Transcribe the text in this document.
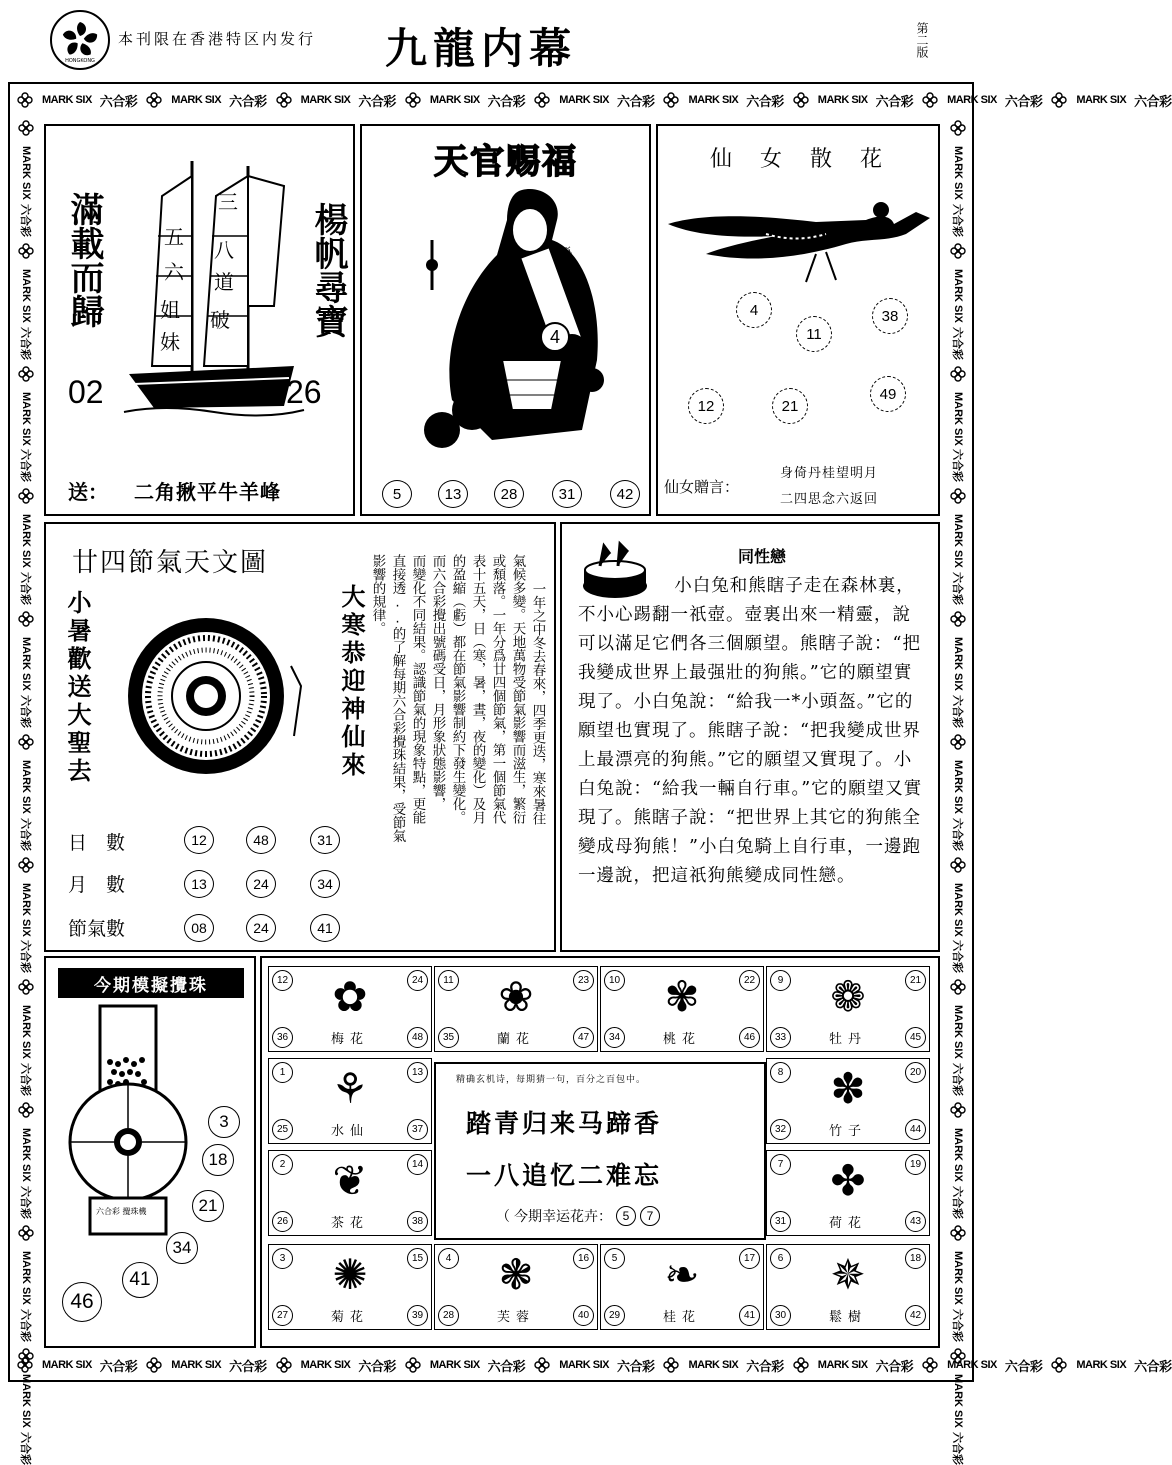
HONGKONG
本刊限在香港特区内发行 九龍内幕	第二版
MARK SIX 六合彩	MARK SIX 六合彩	MARK SIX 六合彩	MARK SIX 六合彩	MARK SIX 六合彩	MARK SIX 六合彩	MARK SIX 六合彩	MARK SIX 六合彩	MARK SIX 六合彩
MARK SIX 六合彩	MARK SIX 六合彩	MARK SIX 六合彩	MARK SIX 六合彩	MARK SIX 六合彩	MARK SIX 六合彩	MARK SIX 六合彩	MARK SIX 六合彩	MARK SIX 六合彩
MARK SIX
六合彩
MARK SIX
六合彩
MARK SIX
六合彩
MARK SIX
六合彩
MARK SIX
六合彩
MARK SIX
六合彩
MARK SIX
六合彩
MARK SIX
六合彩
MARK SIX
六合彩
MARK SIX
六合彩
MARK SIX
六合彩
MARK SIX
六合彩
MARK SIX
六合彩
MARK SIX
六合彩
MARK SIX
六合彩
MARK SIX
六合彩
MARK SIX
六合彩
MARK SIX
六合彩
MARK SIX
六合彩
MARK SIX
六合彩
MARK SIX
六合彩
MARK SIX
六合彩
滿載而歸	楊帆尋寶
五
六
姐
妹
三
八
道
破
02	26
送： 二角揪平牛羊峰
天官赐福
4
第一五
5	13	28	31	42
仙女散花
4	38
11
12	21
49
仙女贈言：
身倚丹桂望明月
二四思念六返回
廿四節氣天文圖
小暑歡送大聖去	大寒恭迎神仙來
日　數	12	48	31
月　數	13	24	34
節氣數	08	24	41
一年之中冬去春來，四季更迭，寒來暑往
氣候多變。天地萬物受節氣影響而滋生，繁衍
或頹落。一年分爲廿四個節氣，第一個節氣代
表十五天，日（寒，暑，晝，夜的變化）及月
的盈縮（虧）都在節氣影響制約下發生變化。
而六合彩攪出號碼受日，月形象狀態影響，
而變化不同結果。認識節氣的現象特點，更能
直接透..的了解每期六合彩攪珠結果，受節氣
影響的規律。	同性戀

小白兔和熊瞎子走在森林裏，不小心踢翻一祇壺。壺裏出來一精靈，說可以滿足它們各三個願望。熊瞎子說：“把我變成世界上最强壯的狗熊。”它的願望實現了。小白兔說：“給我一*小頭盔。”它的願望也實現了。熊瞎子說：“把我變成世界上最漂亮的狗熊。”它的願望又實現了。小白兔說：“給我一輛自行車。”它的願望又實現了。熊瞎子說：“把世界上其它的狗熊全變成母狗熊！”小白兔騎上自行車，一邊跑一邊說，把這祇狗熊變成同性戀。

今期模擬攪珠
六合彩 攪珠機
3
18
21
34
41
46
12	24
36	48
✿
梅花
11	23
35	47
❀
蘭花
10	22
34	46
✾
桃花
9	21
33	45
❁
牡丹
1	13
25	37
⚘
水仙
8	20
32	44
✽
竹子
2	14
26	38
❦
茶花
7	19
31	43
✤
荷花
3	15
27	39
✺
菊花
4	16
28	40
❃
芙蓉
5	17
29	41
❧
桂花
6	18
30	42
✵
鬆樹
精确玄机诗，每期猜一句，百分之百包中。
踏青归来马蹄香
一八追忆二难忘
（ 今期幸运花卉： 5	7
